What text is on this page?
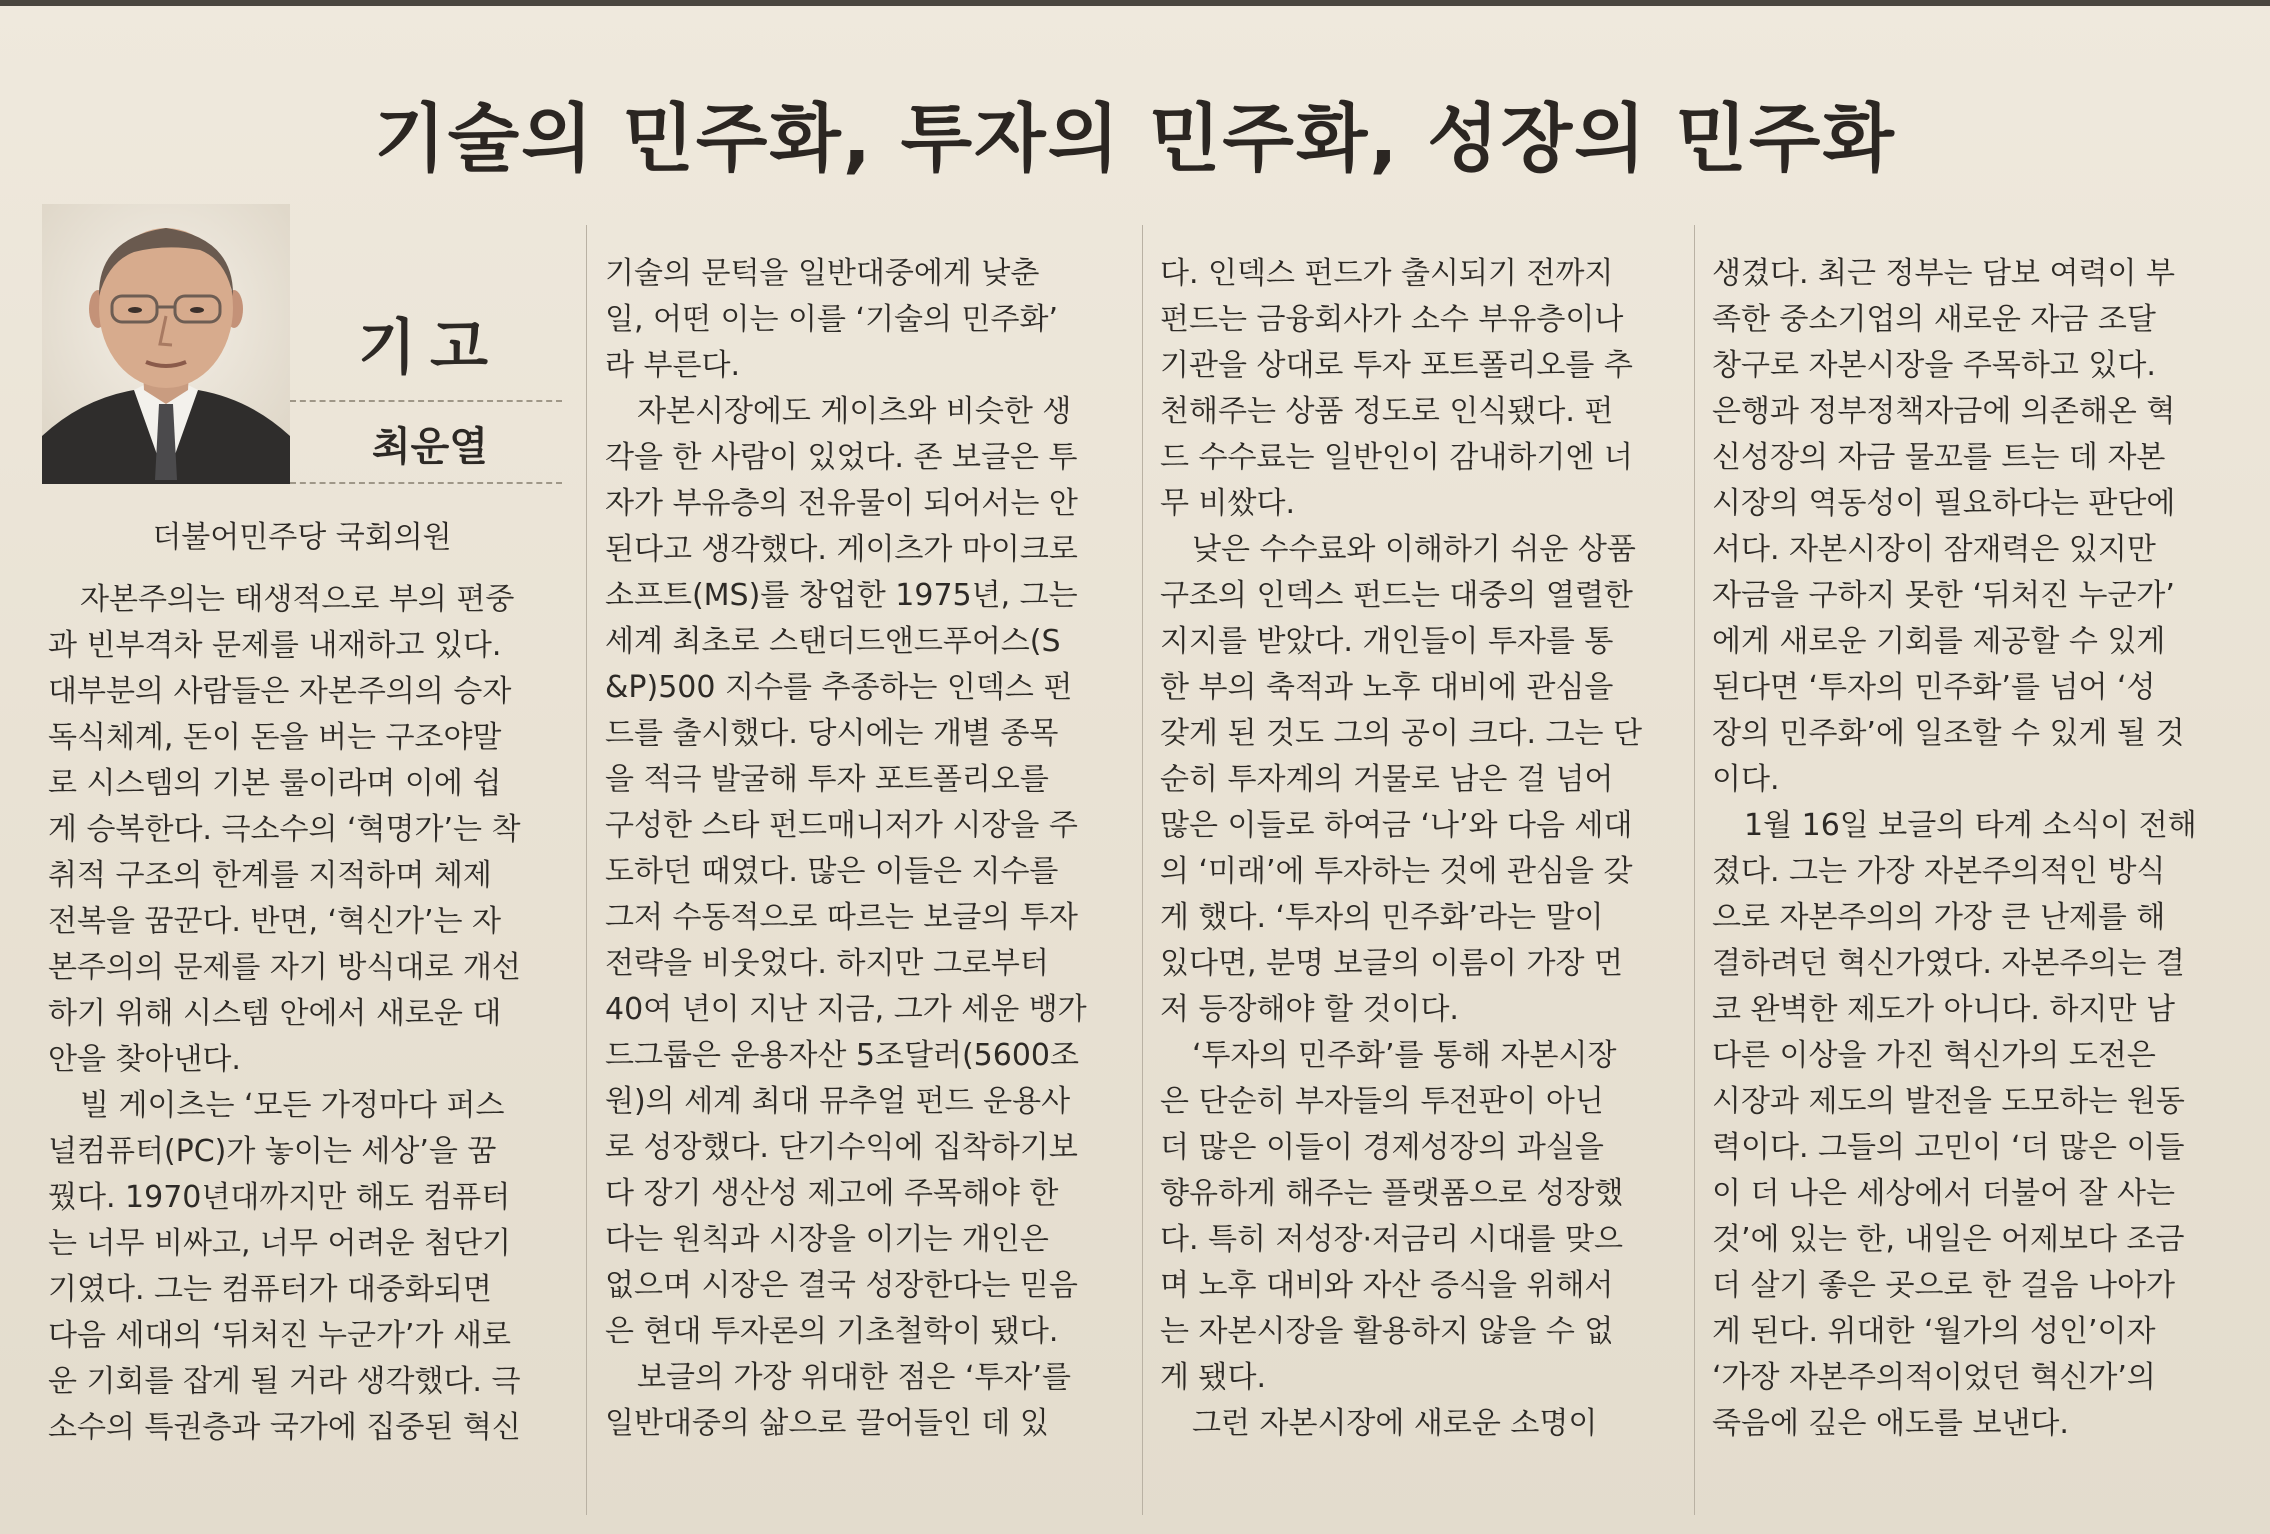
기술의 민주화, 투자의 민주화, 성장의 민주화
기고
최운열
더불어민주당 국회의원
자본주의는 태생적으로 부의 편중
과 빈부격차 문제를 내재하고 있다.
대부분의 사람들은 자본주의의 승자
독식체계, 돈이 돈을 버는 구조야말
로 시스템의 기본 룰이라며 이에 쉽
게 승복한다. 극소수의 ‘혁명가’는 착
취적 구조의 한계를 지적하며 체제
전복을 꿈꾼다. 반면, ‘혁신가’는 자
본주의의 문제를 자기 방식대로 개선
하기 위해 시스템 안에서 새로운 대
안을 찾아낸다.
빌 게이츠는 ‘모든 가정마다 퍼스
널컴퓨터(PC)가 놓이는 세상’을 꿈
꿨다. 1970년대까지만 해도 컴퓨터
는 너무 비싸고, 너무 어려운 첨단기
기였다. 그는 컴퓨터가 대중화되면
다음 세대의 ‘뒤처진 누군가’가 새로
운 기회를 잡게 될 거라 생각했다. 극
소수의 특권층과 국가에 집중된 혁신
기술의 문턱을 일반대중에게 낮춘
일, 어떤 이는 이를 ‘기술의 민주화’
라 부른다.
자본시장에도 게이츠와 비슷한 생
각을 한 사람이 있었다. 존 보글은 투
자가 부유층의 전유물이 되어서는 안
된다고 생각했다. 게이츠가 마이크로
소프트(MS)를 창업한 1975년, 그는
세계 최초로 스탠더드앤드푸어스(S
&P)500 지수를 추종하는 인덱스 펀
드를 출시했다. 당시에는 개별 종목
을 적극 발굴해 투자 포트폴리오를
구성한 스타 펀드매니저가 시장을 주
도하던 때였다. 많은 이들은 지수를
그저 수동적으로 따르는 보글의 투자
전략을 비웃었다. 하지만 그로부터
40여 년이 지난 지금, 그가 세운 뱅가
드그룹은 운용자산 5조달러(5600조
원)의 세계 최대 뮤추얼 펀드 운용사
로 성장했다. 단기수익에 집착하기보
다 장기 생산성 제고에 주목해야 한
다는 원칙과 시장을 이기는 개인은
없으며 시장은 결국 성장한다는 믿음
은 현대 투자론의 기초철학이 됐다.
보글의 가장 위대한 점은 ‘투자’를
일반대중의 삶으로 끌어들인 데 있
다. 인덱스 펀드가 출시되기 전까지
펀드는 금융회사가 소수 부유층이나
기관을 상대로 투자 포트폴리오를 추
천해주는 상품 정도로 인식됐다. 펀
드 수수료는 일반인이 감내하기엔 너
무 비쌌다.
낮은 수수료와 이해하기 쉬운 상품
구조의 인덱스 펀드는 대중의 열렬한
지지를 받았다. 개인들이 투자를 통
한 부의 축적과 노후 대비에 관심을
갖게 된 것도 그의 공이 크다. 그는 단
순히 투자계의 거물로 남은 걸 넘어
많은 이들로 하여금 ‘나’와 다음 세대
의 ‘미래’에 투자하는 것에 관심을 갖
게 했다. ‘투자의 민주화’라는 말이
있다면, 분명 보글의 이름이 가장 먼
저 등장해야 할 것이다.
‘투자의 민주화’를 통해 자본시장
은 단순히 부자들의 투전판이 아닌
더 많은 이들이 경제성장의 과실을
향유하게 해주는 플랫폼으로 성장했
다. 특히 저성장·저금리 시대를 맞으
며 노후 대비와 자산 증식을 위해서
는 자본시장을 활용하지 않을 수 없
게 됐다.
그런 자본시장에 새로운 소명이
생겼다. 최근 정부는 담보 여력이 부
족한 중소기업의 새로운 자금 조달
창구로 자본시장을 주목하고 있다.
은행과 정부정책자금에 의존해온 혁
신성장의 자금 물꼬를 트는 데 자본
시장의 역동성이 필요하다는 판단에
서다. 자본시장이 잠재력은 있지만
자금을 구하지 못한 ‘뒤처진 누군가’
에게 새로운 기회를 제공할 수 있게
된다면 ‘투자의 민주화’를 넘어 ‘성
장의 민주화’에 일조할 수 있게 될 것
이다.
1월 16일 보글의 타계 소식이 전해
졌다. 그는 가장 자본주의적인 방식
으로 자본주의의 가장 큰 난제를 해
결하려던 혁신가였다. 자본주의는 결
코 완벽한 제도가 아니다. 하지만 남
다른 이상을 가진 혁신가의 도전은
시장과 제도의 발전을 도모하는 원동
력이다. 그들의 고민이 ‘더 많은 이들
이 더 나은 세상에서 더불어 잘 사는
것’에 있는 한, 내일은 어제보다 조금
더 살기 좋은 곳으로 한 걸음 나아가
게 된다. 위대한 ‘월가의 성인’이자
‘가장 자본주의적이었던 혁신가’의
죽음에 깊은 애도를 보낸다.
